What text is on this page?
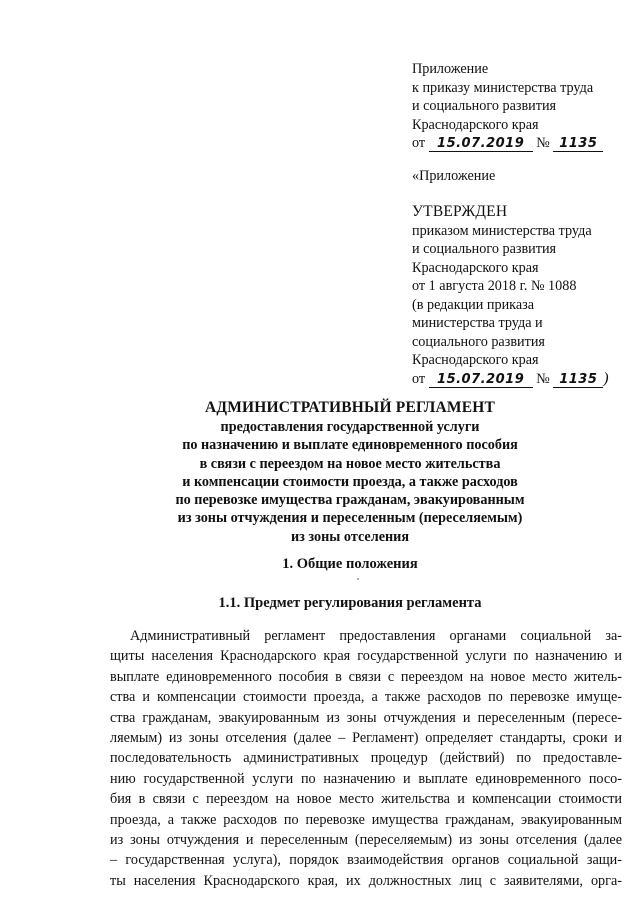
Приложение
к приказу министерства труда
и социального развития
Краснодарского края
от 15.07.2019 № 1135
«Приложение
УТВЕРЖДЕН
приказом министерства труда
и социального развития
Краснодарского края
от 1 августа 2018 г. № 1088
(в редакции приказа
министерства труда и
социального развития
Краснодарского края
от 15.07.2019 № 1135 )
АДМИНИСТРАТИВНЫЙ РЕГЛАМЕНТ
предоставления государственной услуги
по назначению и выплате единовременного пособия
в связи с переездом на новое место жительства
и компенсации стоимости проезда, а также расходов
по перевозке имущества гражданам, эвакуированным
из зоны отчуждения и переселенным (переселяемым)
из зоны отселения
1. Общие положения
1.1. Предмет регулирования регламента
Административный регламент предоставления органами социальной за-
щиты населения Краснодарского края государственной услуги по назначению и
выплате единовременного пособия в связи с переездом на новое место житель-
ства и компенсации стоимости проезда, а также расходов по перевозке имуще-
ства гражданам, эвакуированным из зоны отчуждения и переселенным (пересе-
ляемым) из зоны отселения (далее – Регламент) определяет стандарты, сроки и
последовательность административных процедур (действий) по предоставле-
нию государственной услуги по назначению и выплате единовременного посо-
бия в связи с переездом на новое место жительства и компенсации стоимости
проезда, а также расходов по перевозке имущества гражданам, эвакуированным
из зоны отчуждения и переселенным (переселяемым) из зоны отселения (далее
– государственная услуга), порядок взаимодействия органов социальной защи-
ты населения Краснодарского края, их должностных лиц с заявителями, орга-
